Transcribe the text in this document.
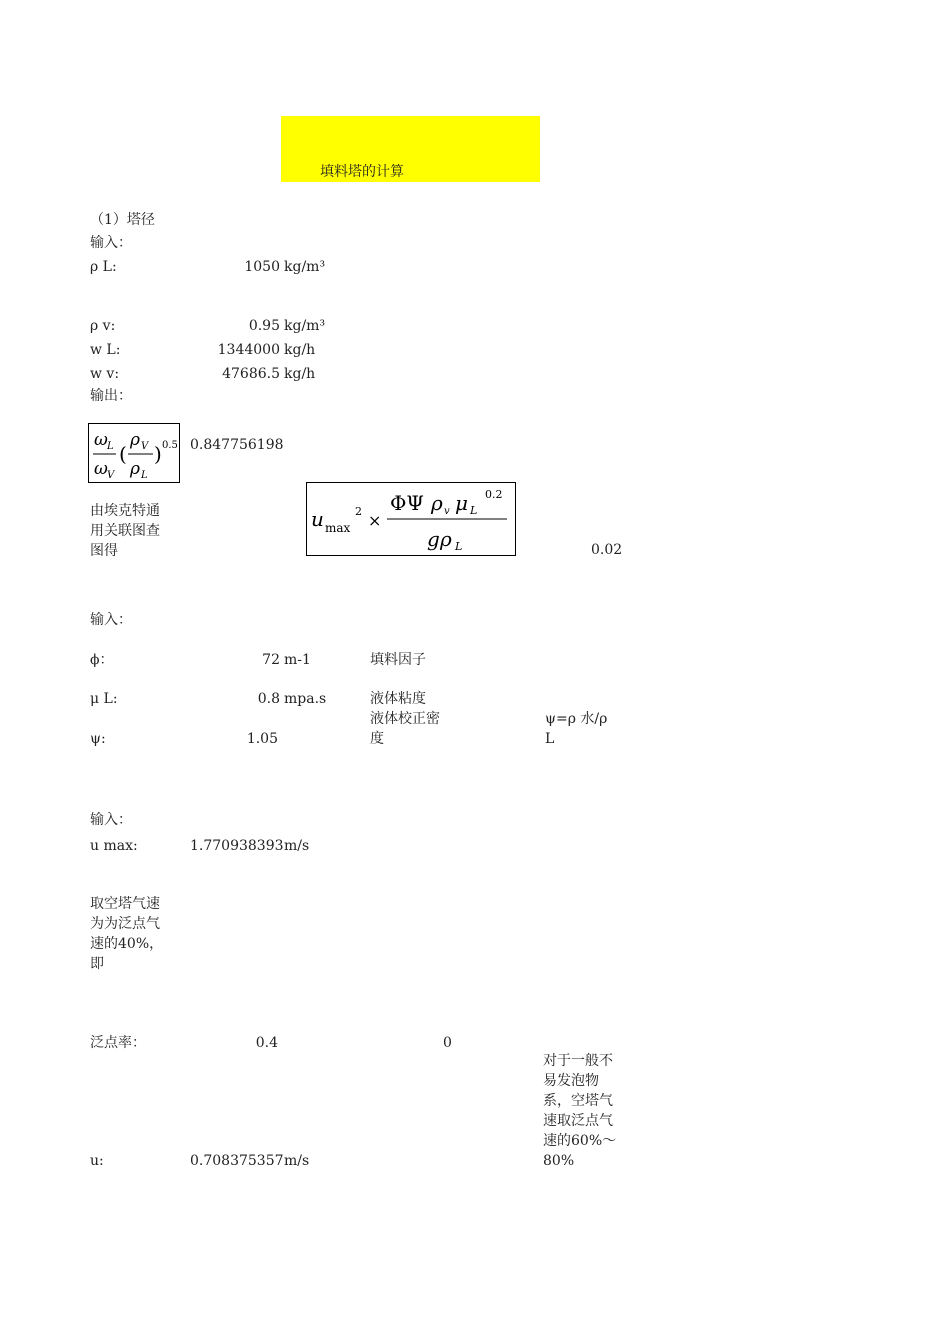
填料塔的计算
（1）塔径
输入：
ρ L:	1050 kg/m³
ρ v:	0.95 kg/m³
w L:	1344000 kg/h
w v:	47686.5 kg/h
输出：
ω L
ω V
(
ρ V
ρ L
) 0.5 0.847756198
由埃克特通用关联图查图得
u max
2 ×
ΦΨ ρ v μ L
0.2
g ρ L	0.02
输入：
ϕ：	72 m-1	填料因子
μ L:	0.8 mpa.s	液体粘度
ψ:	1.05
液体校正密度
ψ=ρ 水/ρ L
输入：
u max:	1.770938393 m/s
取空塔气速为为泛点气速的40%，即
泛点率：	0.4	0
对于一般不易发泡物系，空塔气速取泛点气速的60%～80%
u:	0.708375357 m/s
